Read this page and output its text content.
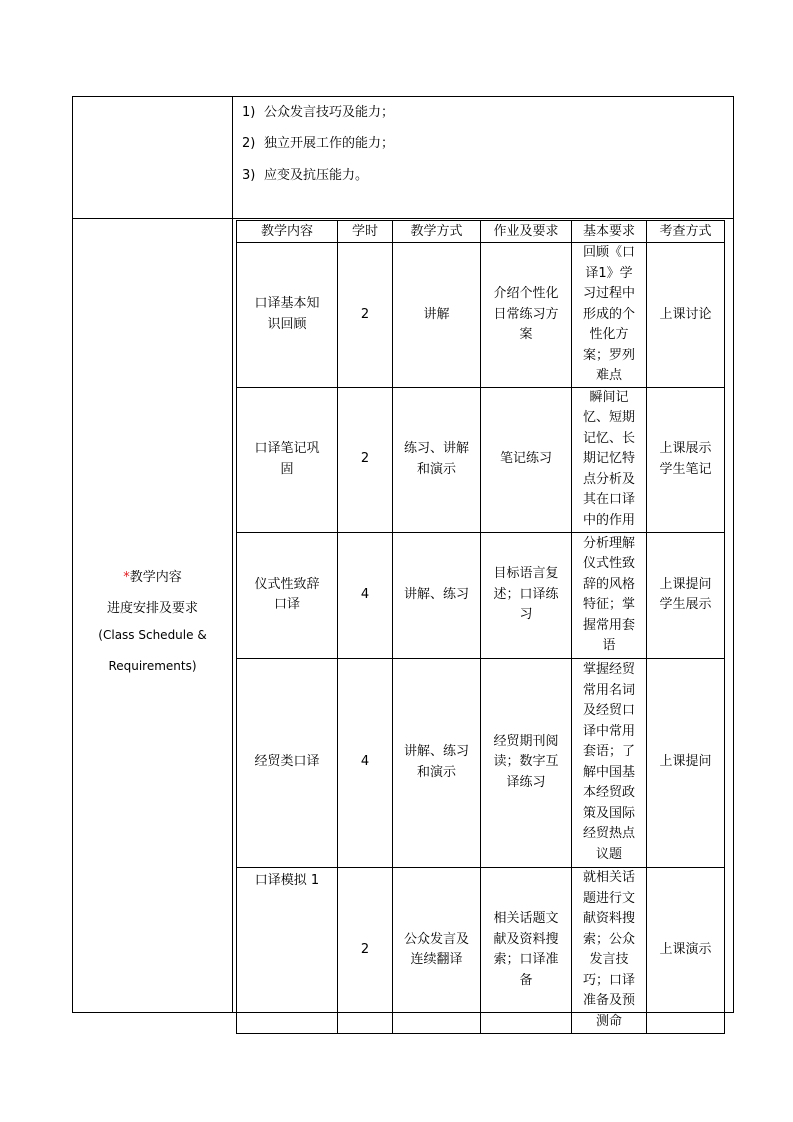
1) 公众发言技巧及能力；
2) 独立开展工作的能力；
3) 应变及抗压能力。
*教学内容
进度安排及要求
(Class Schedule &
Requirements)
教学内容	学时	教学方式	作业及要求	基本要求	考查方式

口译基本知识回顾	2	讲解	介绍个性化日常练习方案	回顾《口译1》学习过程中形成的个性化方案；罗列难点	上课讨论

口译笔记巩固	2	练习、讲解和演示	笔记练习	瞬间记忆、短期记忆、长期记忆特点分析及其在口译中的作用	上课展示学生笔记

仪式性致辞口译	4	讲解、练习	目标语言复述；口译练习	分析理解仪式性致辞的风格特征；掌握常用套语	上课提问学生展示

经贸类口译	4	讲解、练习和演示	经贸期刊阅读；数字互译练习	掌握经贸常用名词及经贸口译中常用套语；了解中国基本经贸政策及国际经贸热点议题	上课提问

口译模拟 1	2	公众发言及连续翻译	相关话题文献及资料搜索；口译准备	就相关话题进行文献资料搜索；公众发言技巧；口译准备及预测命	上课演示
